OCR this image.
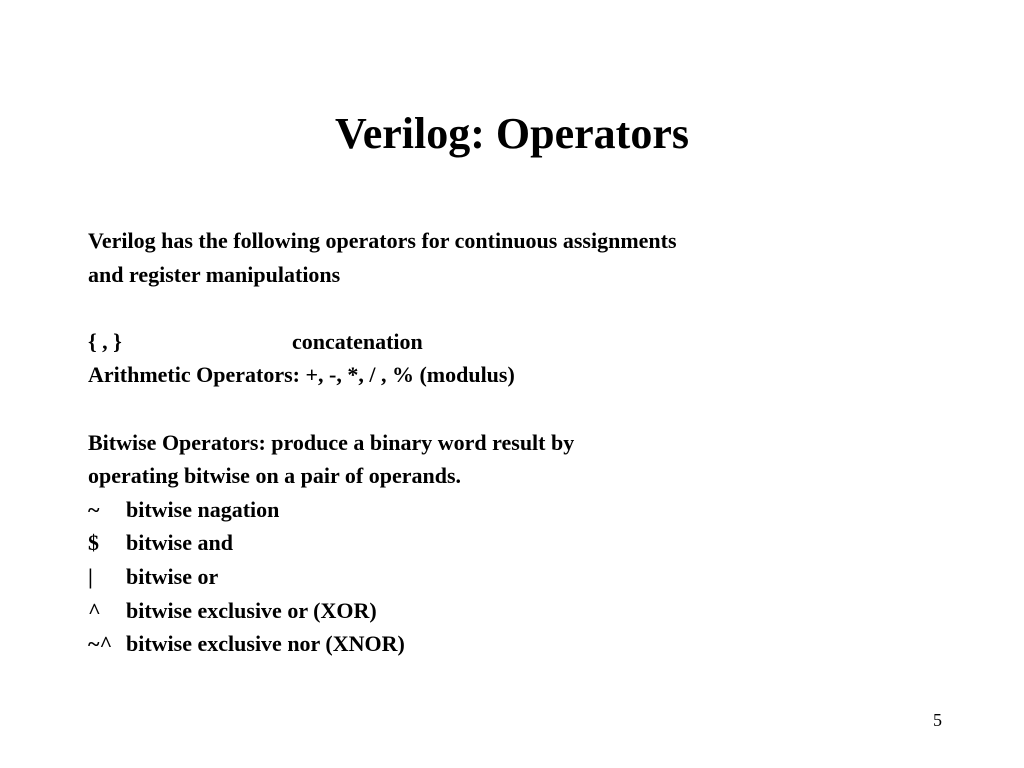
Verilog: Operators
Verilog has the following operators for continuous assignments
and register manipulations
{ , }	concatenation
Arithmetic Operators: +, -, *, / , % (modulus)
Bitwise Operators: produce a binary word result by
operating bitwise on a pair of operands.
~	bitwise nagation
$	bitwise and
|	bitwise or
^	bitwise exclusive or (XOR)
~^ bitwise exclusive nor (XNOR)
5
